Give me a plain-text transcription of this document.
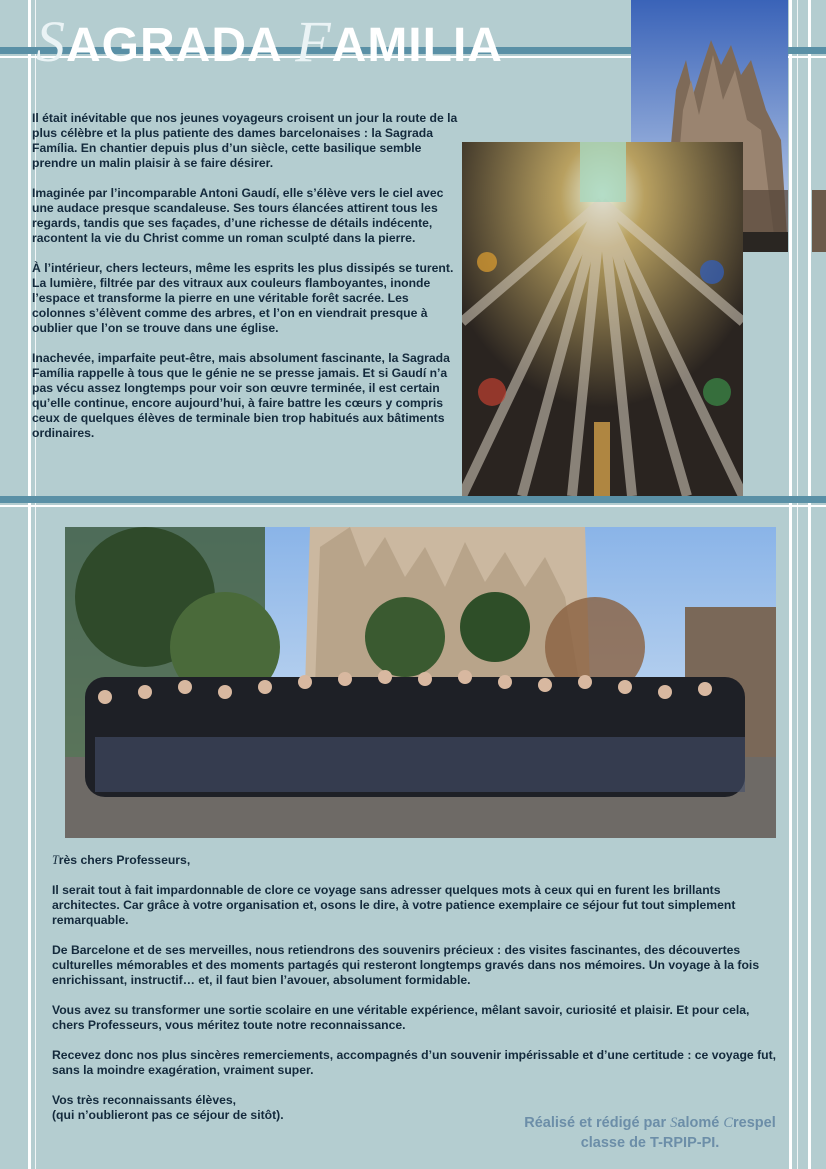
SAGRADA FAMILIA

Il était inévitable que nos jeunes voyageurs croisent un jour la route de la plus célèbre et la plus patiente des dames barcelonaises : la Sagrada Família. En chantier depuis plus d’un siècle, cette basilique semble prendre un malin plaisir à se faire désirer.

Imaginée par l’incomparable Antoni Gaudí, elle s’élève vers le ciel avec une audace presque scandaleuse. Ses tours élancées attirent tous les regards, tandis que ses façades, d’une richesse de détails indécente, racontent la vie du Christ comme un roman sculpté dans la pierre.

À l’intérieur, chers lecteurs, même les esprits les plus dissipés se turent. La lumière, filtrée par des vitraux aux couleurs flamboyantes, inonde l’espace et transforme la pierre en une véritable forêt sacrée. Les colonnes s’élèvent comme des arbres, et l’on en viendrait presque à oublier que l’on se trouve dans une église.

Inachevée, imparfaite peut-être, mais absolument fascinante, la Sagrada Família rappelle à tous que le génie ne se presse jamais. Et si Gaudí n’a pas vécu assez longtemps pour voir son œuvre terminée, il est certain qu’elle continue, encore aujourd’hui, à faire battre les cœurs y compris ceux de quelques élèves de terminale bien trop habitués aux bâtiments ordinaires.

Très chers Professeurs,

Il serait tout à fait impardonnable de clore ce voyage sans adresser quelques mots à ceux qui en furent les brillants architectes. Car grâce à votre organisation et, osons le dire, à votre patience exemplaire ce séjour fut tout simplement remarquable.

De Barcelone et de ses merveilles, nous retiendrons des souvenirs précieux : des visites fascinantes, des découvertes culturelles mémorables et des moments partagés qui resteront longtemps gravés dans nos mémoires. Un voyage à la fois enrichissant, instructif… et, il faut bien l’avouer, absolument formidable.

Vous avez su transformer une sortie scolaire en une véritable expérience, mêlant savoir, curiosité et plaisir. Et pour cela, chers Professeurs, vous méritez toute notre reconnaissance.

Recevez donc nos plus sincères remerciements, accompagnés d’un souvenir impérissable et d’une certitude : ce voyage fut, sans la moindre exagération, vraiment super.

Vos très reconnaissants élèves,
(qui n’oublieront pas ce séjour de sitôt).	Réalisé et rédigé par Salomé Crespel
classe de T-RPIP-PI.
